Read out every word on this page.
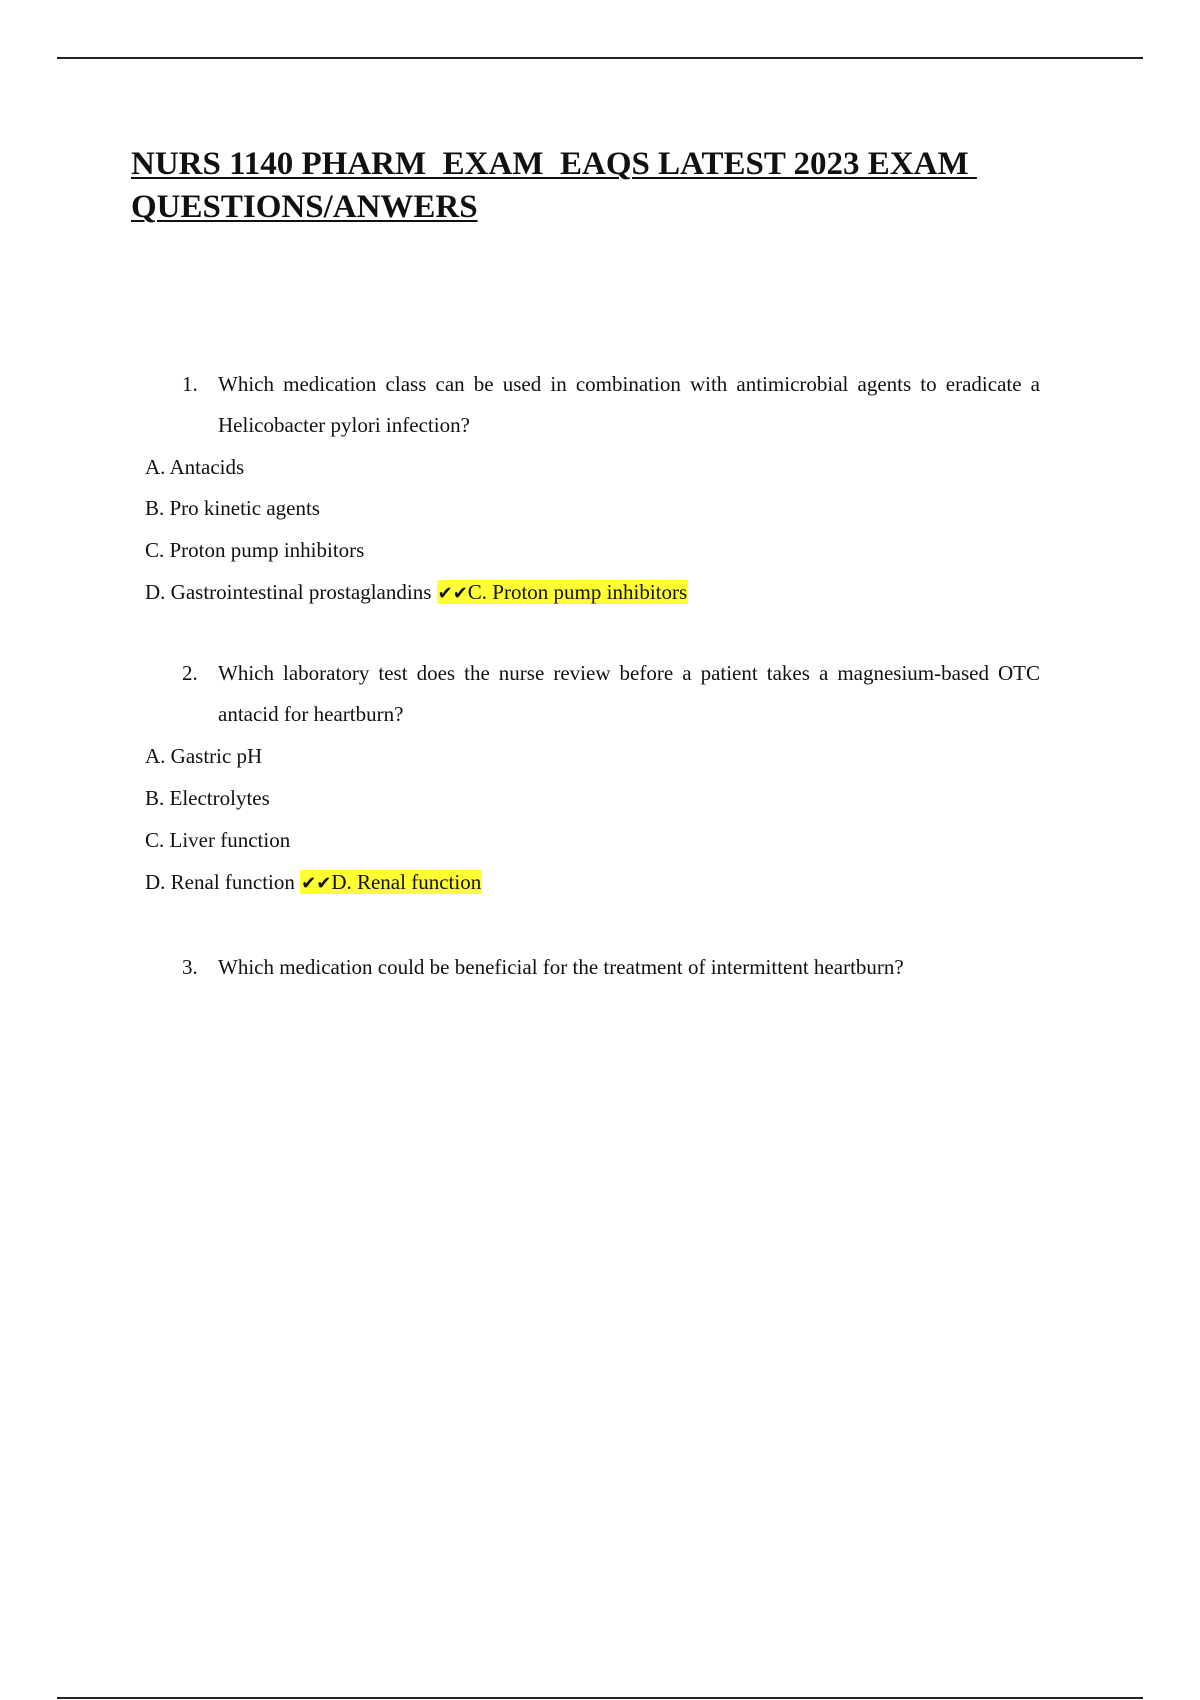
NURS 1140 PHARM  EXAM  EAQS LATEST 2023 EXAM
QUESTIONS/ANWERS
1. Which medication class can be used in combination with antimicrobial agents to eradicate a Helicobacter pylori infection?
A. Antacids
B. Pro kinetic agents
C. Proton pump inhibitors
D. Gastrointestinal prostaglandins ✔✔C. Proton pump inhibitors
2. Which laboratory test does the nurse review before a patient takes a magnesium-based OTC antacid for heartburn?
A. Gastric pH
B. Electrolytes
C. Liver function
D. Renal function ✔✔D. Renal function
3. Which medication could be beneficial for the treatment of intermittent heartburn?
